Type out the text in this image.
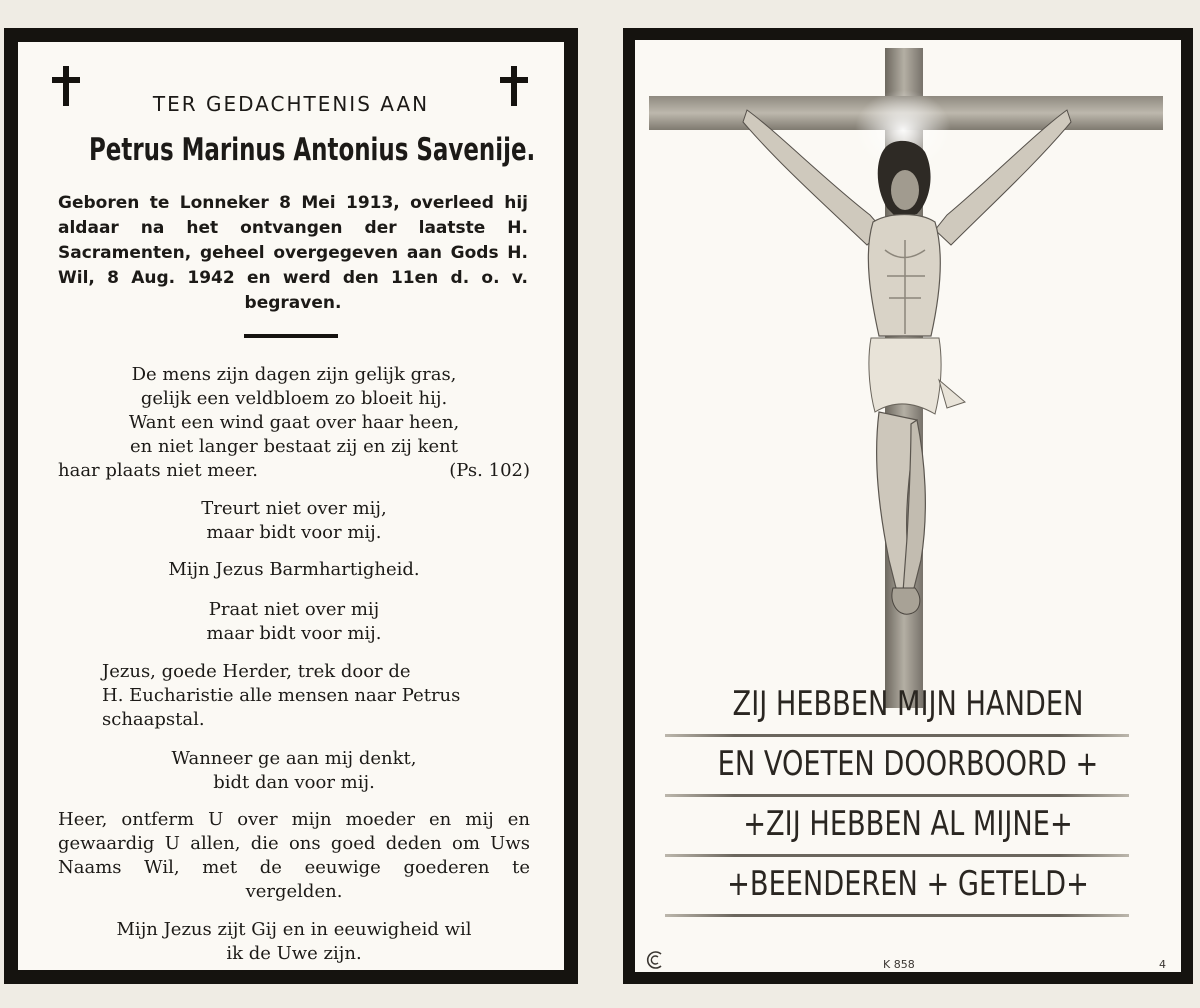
TER GEDACHTENIS AAN
Petrus Marinus Antonius Savenije.
Geboren te Lonneker 8 Mei 1913, overleed hij aldaar na het ontvangen der laatste H. Sacramenten, geheel overgegeven aan Gods H. Wil, 8 Aug. 1942 en werd den 11en d. o. v. begraven.
De mens zijn dagen zijn gelijk gras,
gelijk een veldbloem zo bloeit hij.
Want een wind gaat over haar heen,
en niet langer bestaat zij en zij kent
haar plaats niet meer.	(Ps. 102)
Treurt niet over mij,
maar bidt voor mij.
Mijn Jezus Barmhartigheid.
Praat niet over mij
maar bidt voor mij.
Jezus, goede Herder, trek door de
H. Eucharistie alle mensen naar Petrus
schaapstal.
Wanneer ge aan mij denkt,
bidt dan voor mij.
Heer, ontferm U over mijn moeder en mij en gewaardig U allen, die ons goed deden om Uws Naams Wil, met de eeuwige goederen te vergelden.
Mijn Jezus zijt Gij en in eeuwigheid wil
ik de Uwe zijn.
ZIJ HEBBEN MIJN HANDEN
EN VOETEN DOORBOORD +
+ZIJ HEBBEN AL MIJNE+
+BEENDEREN + GETELD+
K 858	4
